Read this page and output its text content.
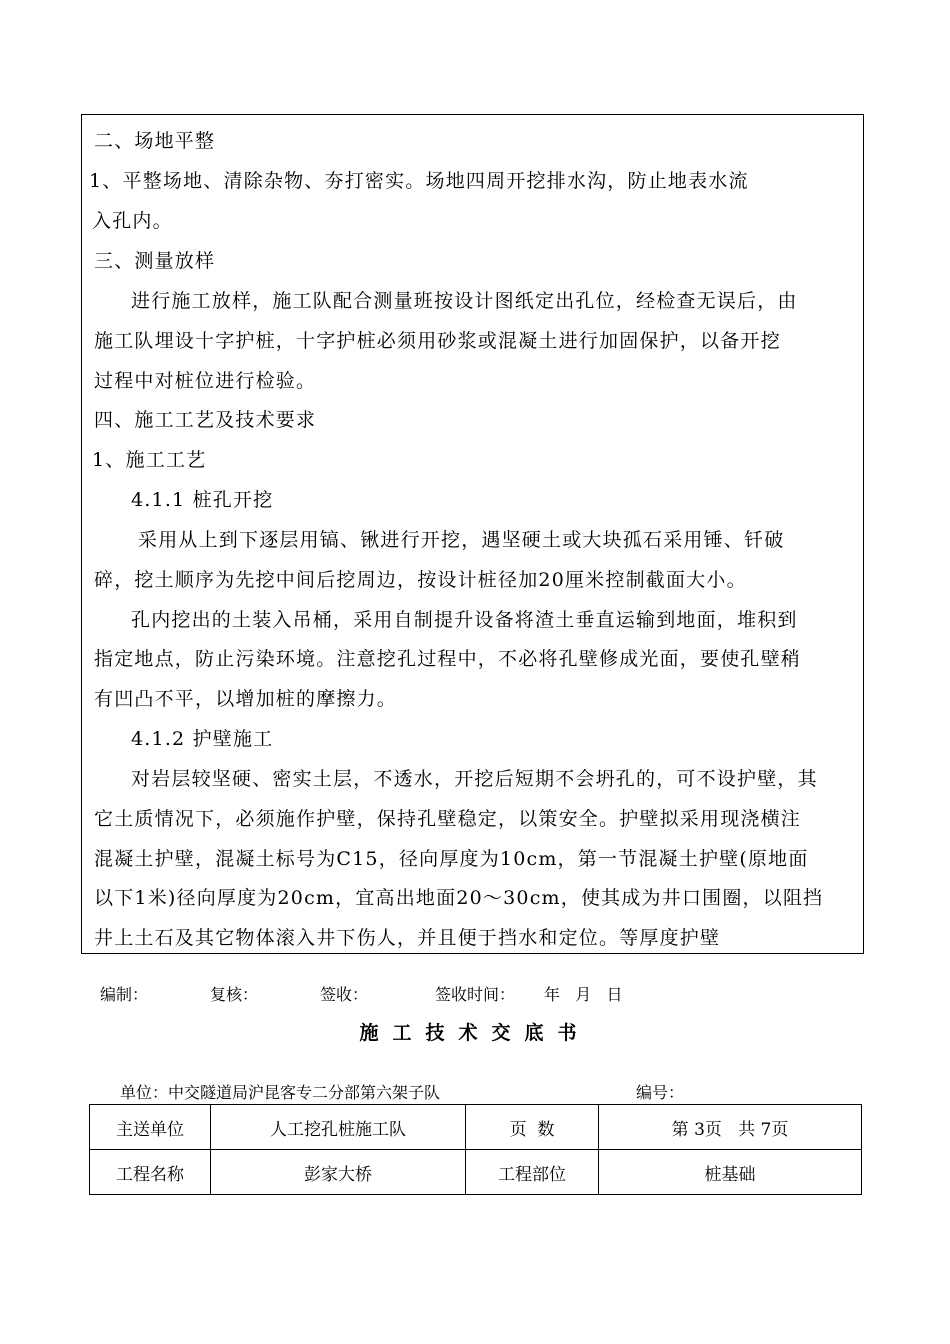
二、场地平整
1、平整场地、清除杂物、夯打密实。场地四周开挖排水沟，防止地表水流
入孔内。
三、测量放样
进行施工放样，施工队配合测量班按设计图纸定出孔位，经检查无误后，由
施工队埋设十字护桩，十字护桩必须用砂浆或混凝土进行加固保护，以备开挖
过程中对桩位进行检验。
四、施工工艺及技术要求
1、施工工艺
4.1.1 桩孔开挖
采用从上到下逐层用镐、锹进行开挖，遇坚硬土或大块孤石采用锤、钎破
碎，挖土顺序为先挖中间后挖周边，按设计桩径加20厘米控制截面大小。
孔内挖出的土装入吊桶，采用自制提升设备将渣土垂直运输到地面，堆积到
指定地点，防止污染环境。注意挖孔过程中，不必将孔壁修成光面，要使孔壁稍
有凹凸不平，以增加桩的摩擦力。
4.1.2 护壁施工
对岩层较坚硬、密实土层，不透水，开挖后短期不会坍孔的，可不设护壁，其
它土质情况下，必须施作护壁，保持孔壁稳定，以策安全。护壁拟采用现浇横注
混凝土护壁，混凝土标号为C15，径向厚度为10cm，第一节混凝土护壁(原地面
以下1米)径向厚度为20cm，宜高出地面20～30cm，使其成为井口围圈，以阻挡
井上土石及其它物体滚入井下伤人，并且便于挡水和定位。等厚度护壁
编制：	复核：	签收：	签收时间： 年   月   日
施工技术交底书
单位：中交隧道局沪昆客专二分部第六架子队	编号：
主送单位	人工挖孔桩施工队	页  数	第 3页   共 7页
工程名称	彭家大桥	工程部位	桩基础
